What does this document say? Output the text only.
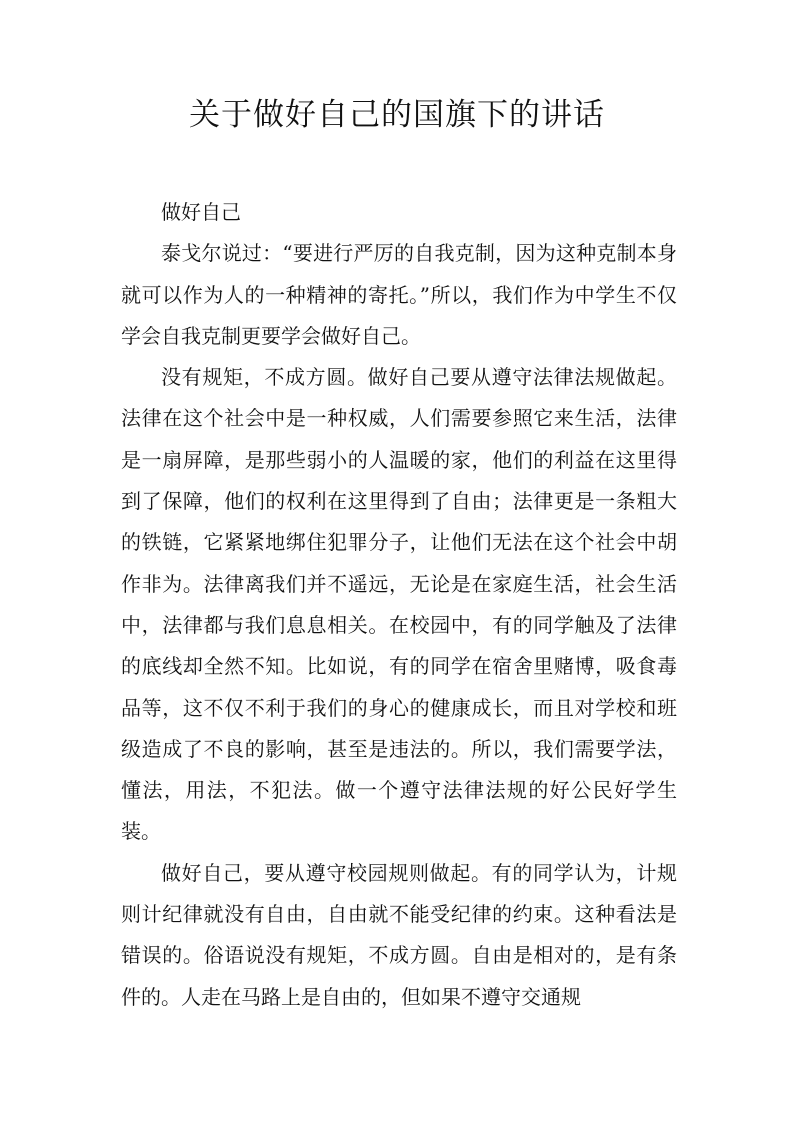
关于做好自己的国旗下的讲话

做好自己

泰戈尔说过：“要进行严厉的自我克制，因为这种克制本身就可以作为人的一种精神的寄托。”所以，我们作为中学生不仅学会自我克制更要学会做好自己。

没有规矩，不成方圆。做好自己要从遵守法律法规做起。法律在这个社会中是一种权威，人们需要参照它来生活，法律是一扇屏障，是那些弱小的人温暖的家，他们的利益在这里得到了保障，他们的权利在这里得到了自由；法律更是一条粗大的铁链，它紧紧地绑住犯罪分子，让他们无法在这个社会中胡作非为。法律离我们并不遥远，无论是在家庭生活，社会生活中，法律都与我们息息相关。在校园中，有的同学触及了法律的底线却全然不知。比如说，有的同学在宿舍里赌博，吸食毒品等，这不仅不利于我们的身心的健康成长，而且对学校和班级造成了不良的影响，甚至是违法的。所以，我们需要学法，懂法，用法，不犯法。做一个遵守法律法规的好公民好学生装。

做好自己，要从遵守校园规则做起。有的同学认为，计规则计纪律就没有自由，自由就不能受纪律的约束。这种看法是错误的。俗语说没有规矩，不成方圆。自由是相对的，是有条件的。人走在马路上是自由的，但如果不遵守交通规
